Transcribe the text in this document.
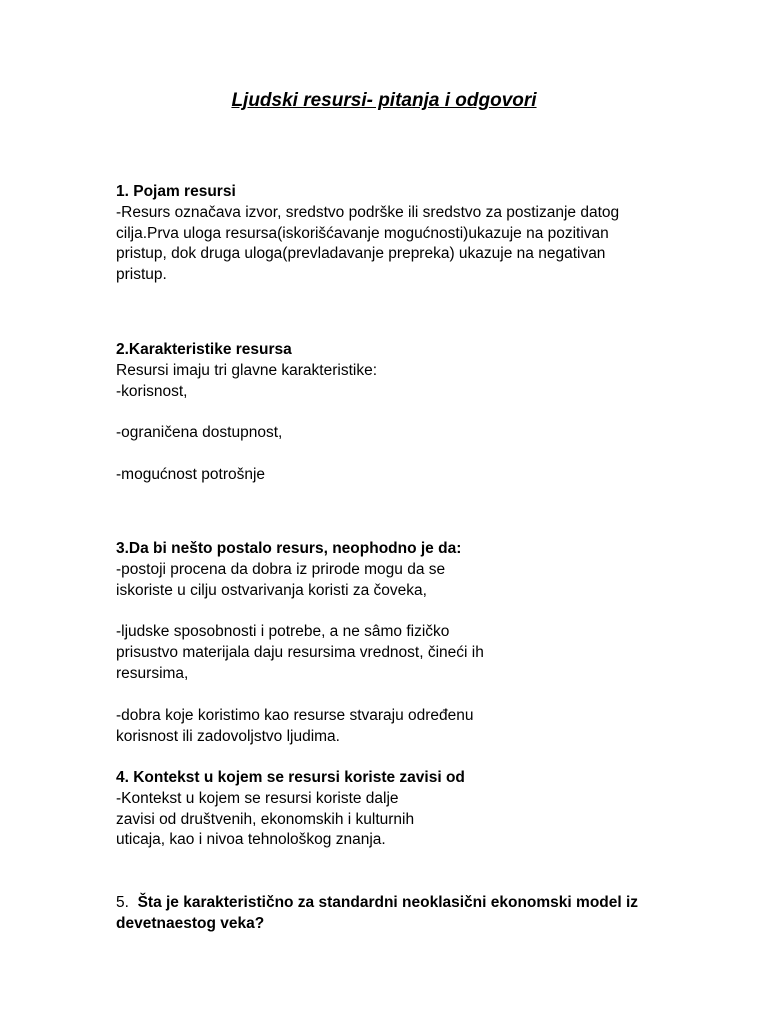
Ljudski resursi- pitanja i odgovori

1. Pojam resursi

-Resurs označava izvor, sredstvo podrške ili sredstvo za postizanje datog

cilja.Prva uloga resursa(iskorišćavanje mogućnosti)ukazuje na pozitivan

pristup, dok druga uloga(prevladavanje prepreka) ukazuje na negativan

pristup.

2.Karakteristike resursa

Resursi imaju tri glavne karakteristike:

-korisnost,

-ograničena dostupnost,

-mogućnost potrošnje

3.Da bi nešto postalo resurs, neophodno je da:

-postoji procena da dobra iz prirode mogu da se

iskoriste u cilju ostvarivanja koristi za čoveka,

-ljudske sposobnosti i potrebe, a ne sâmo fizičko

prisustvo materijala daju resursima vrednost, čineći ih

resursima,

-dobra koje koristimo kao resurse stvaraju određenu

korisnost ili zadovoljstvo ljudima.

4. Kontekst u kojem se resursi koriste zavisi od

-Kontekst u kojem se resursi koriste dalje

zavisi od društvenih, ekonomskih i kulturnih

uticaja, kao i nivoa tehnološkog znanja.

5. Šta je karakteristično za standardni neoklasični ekonomski model iz

devetnaestog veka?
